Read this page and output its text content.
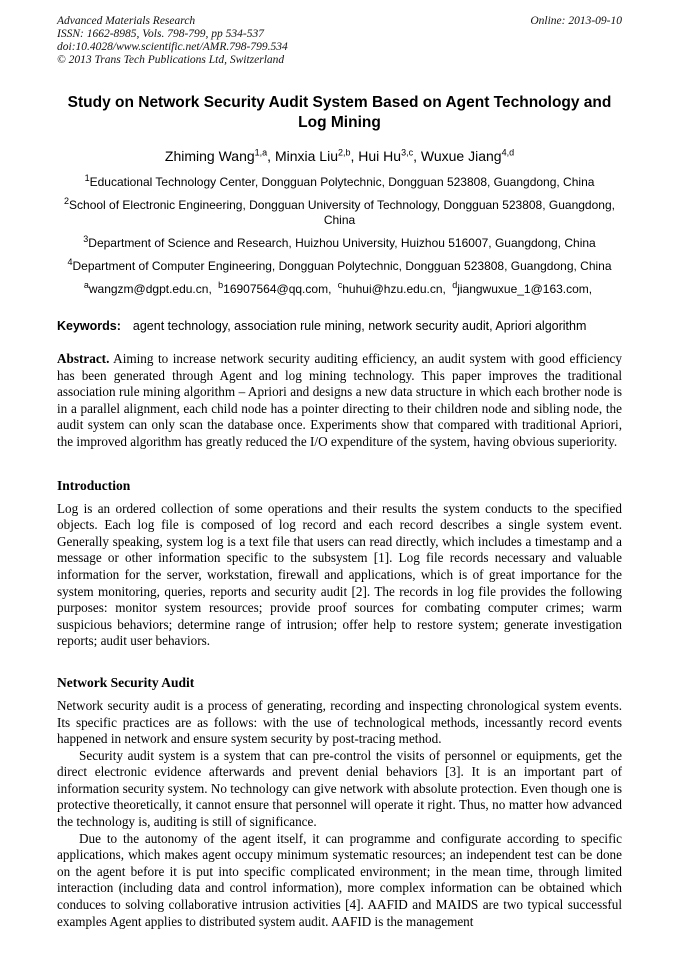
Advanced Materials Research
ISSN: 1662-8985, Vols. 798-799, pp 534-537
doi:10.4028/www.scientific.net/AMR.798-799.534
© 2013 Trans Tech Publications Ltd, Switzerland
Online: 2013-09-10
Study on Network Security Audit System Based on Agent Technology and Log Mining
Zhiming Wang$^{1,a}$, Minxia Liu$^{2,b}$, Hui Hu$^{3,c}$, Wuxue Jiang$^{4,d}$
$^1$Educational Technology Center, Dongguan Polytechnic, Dongguan 523808, Guangdong, China
$^2$School of Electronic Engineering, Dongguan University of Technology, Dongguan 523808, Guangdong, China
$^3$Department of Science and Research, Huizhou University, Huizhou 516007, Guangdong, China
$^4$Department of Computer Engineering, Dongguan Polytechnic, Dongguan 523808, Guangdong, China
$^a$wangzm@dgpt.edu.cn, $^b$16907564@qq.com, $^c$huhui@hzu.edu.cn, $^d$jiangwuxue_1@163.com,
Keywords: agent technology, association rule mining, network security audit, Apriori algorithm

Abstract. Aiming to increase network security auditing efficiency, an audit system with good efficiency has been generated through Agent and log mining technology. This paper improves the traditional association rule mining algorithm – Apriori and designs a new data structure in which each brother node is in a parallel alignment, each child node has a pointer directing to their children node and sibling node, the audit system can only scan the database once. Experiments show that compared with traditional Apriori, the improved algorithm has greatly reduced the I/O expenditure of the system, having obvious superiority.

Introduction

Log is an ordered collection of some operations and their results the system conducts to the specified objects. Each log file is composed of log record and each record describes a single system event. Generally speaking, system log is a text file that users can read directly, which includes a timestamp and a message or other information specific to the subsystem [1]. Log file records necessary and valuable information for the server, workstation, firewall and applications, which is of great importance for the system monitoring, queries, reports and security audit [2]. The records in log file provides the following purposes: monitor system resources; provide proof sources for combating computer crimes; warm suspicious behaviors; determine range of intrusion; offer help to restore system; generate investigation reports; audit user behaviors.

Network Security Audit

Network security audit is a process of generating, recording and inspecting chronological system events. Its specific practices are as follows: with the use of technological methods, incessantly record events happened in network and ensure system security by post-tracing method.

Security audit system is a system that can pre-control the visits of personnel or equipments, get the direct electronic evidence afterwards and prevent denial behaviors [3]. It is an important part of information security system. No technology can give network with absolute protection. Even though one is protective theoretically, it cannot ensure that personnel will operate it right. Thus, no matter how advanced the technology is, auditing is still of significance.

Due to the autonomy of the agent itself, it can programme and configurate according to specific applications, which makes agent occupy minimum systematic resources; an independent test can be done on the agent before it is put into specific complicated environment; in the mean time, through limited interaction (including data and control information), more complex information can be obtained which conduces to solving collaborative intrusion activities [4]. AAFID and MAIDS are two typical successful examples Agent applies to distributed system audit. AAFID is the management
